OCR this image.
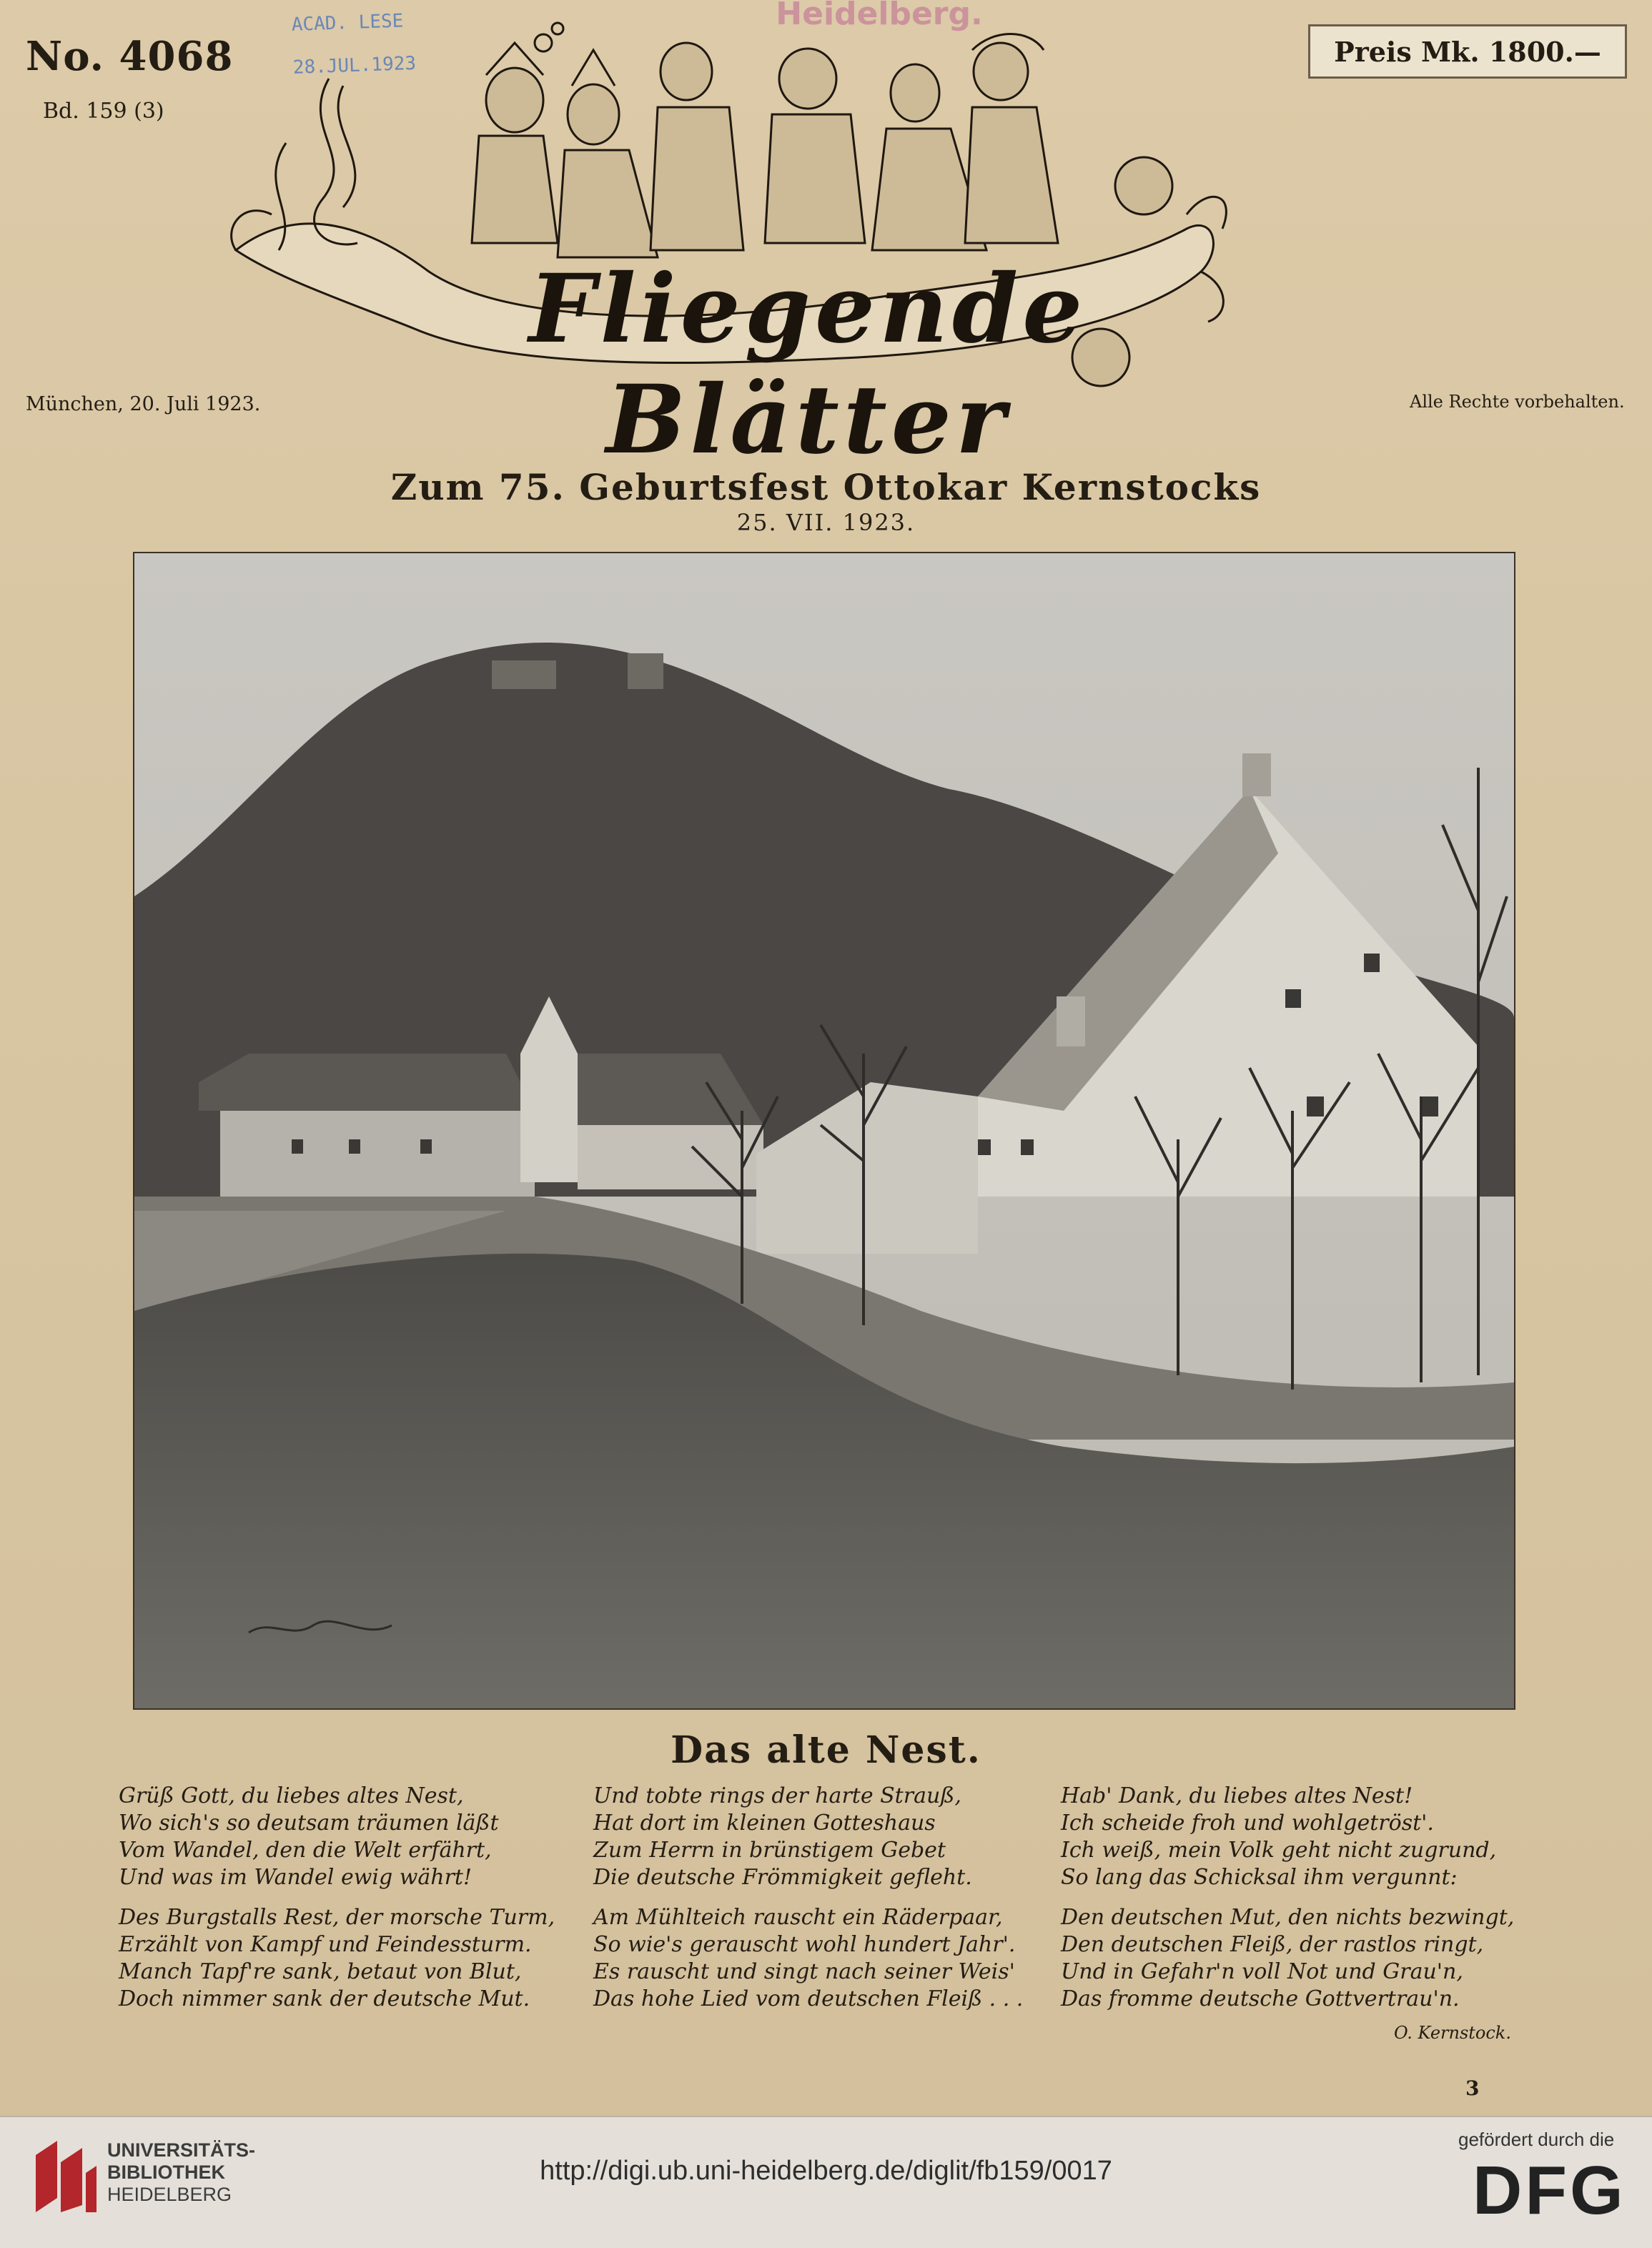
No. 4068
Bd. 159 (3)
Preis Mk. 1800.—
ACAD. LESE
28.JUL.1923
Heidelberg.
Fliegende Blätter
München, 20. Juli 1923.	Alle Rechte vorbehalten.
Zum 75. Geburtsfest Ottokar Kernstocks
25. VII. 1923.
Das alte Nest.
Grüß Gott, du liebes altes Nest,
Wo sich's so deutsam träumen läßt
Vom Wandel, den die Welt erfährt,
Und was im Wandel ewig währt!
Des Burgstalls Rest, der morsche Turm,
Erzählt von Kampf und Feindessturm.
Manch Tapf're sank, betaut von Blut,
Doch nimmer sank der deutsche Mut.
Und tobte rings der harte Strauß,
Hat dort im kleinen Gotteshaus
Zum Herrn in brünstigem Gebet
Die deutsche Frömmigkeit gefleht.
Am Mühlteich rauscht ein Räderpaar,
So wie's gerauscht wohl hundert Jahr'.
Es rauscht und singt nach seiner Weis'
Das hohe Lied vom deutschen Fleiß . . .
Hab' Dank, du liebes altes Nest!
Ich scheide froh und wohlgetröst'.
Ich weiß, mein Volk geht nicht zugrund,
So lang das Schicksal ihm vergunnt:
Den deutschen Mut, den nichts bezwingt,
Den deutschen Fleiß, der rastlos ringt,
Und in Gefahr'n voll Not und Grau'n,
Das fromme deutsche Gottvertrau'n.
O. Kernstock.
3
UNIVERSITÄTS-
BIBLIOTHEK
HEIDELBERG
http://digi.ub.uni-heidelberg.de/diglit/fb159/0017
gefördert durch die
DFG
